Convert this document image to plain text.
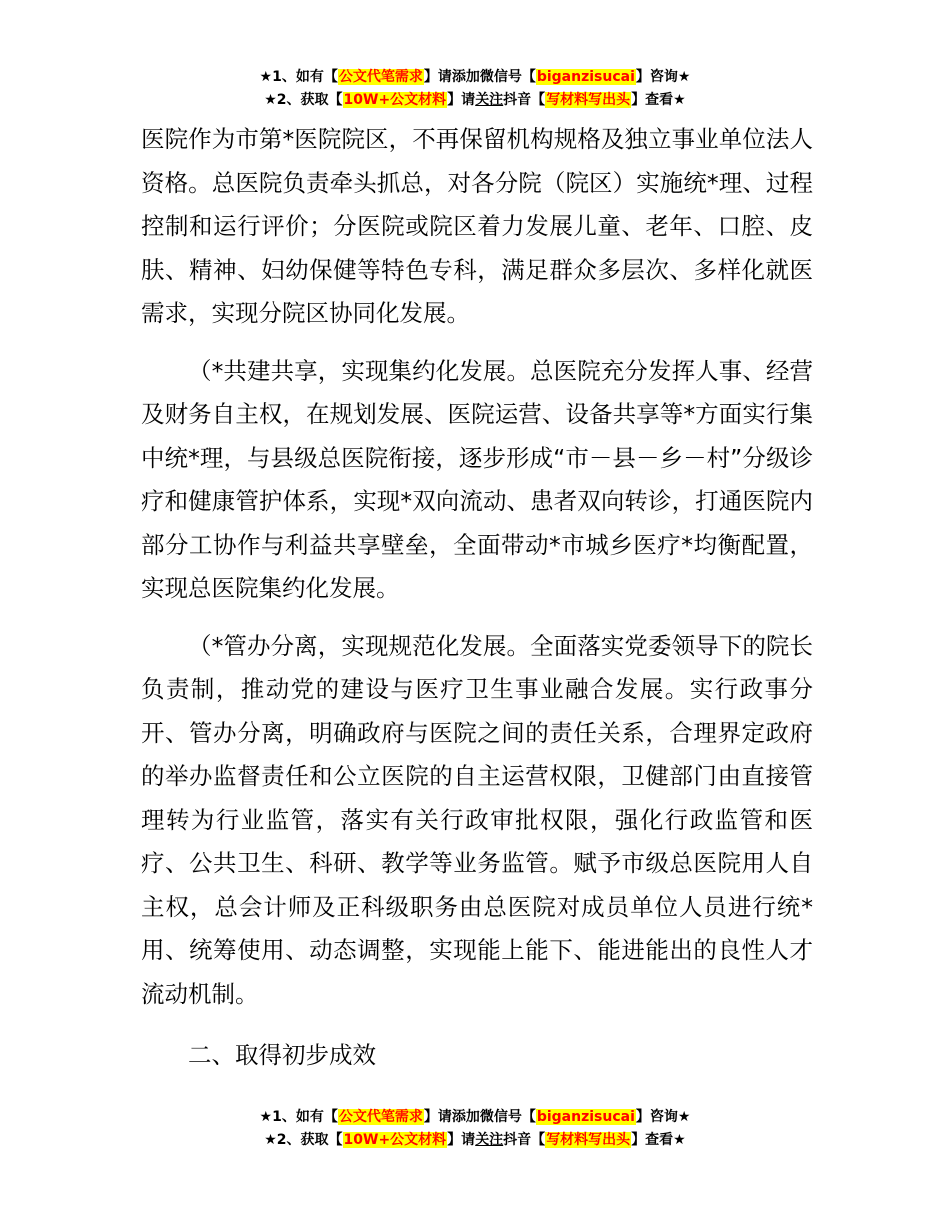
★1、如有【公文代笔需求】请添加微信号【biganzisucai】咨询★
★2、获取【10W+公文材料】请关注抖音【写材料写出头】查看★

医院作为市第*医院院区，不再保留机构规格及独立事业单位法人资格。总医院负责牵头抓总，对各分院（院区）实施统*理、过程控制和运行评价；分医院或院区着力发展儿童、老年、口腔、皮肤、精神、妇幼保健等特色专科，满足群众多层次、多样化就医需求，实现分院区协同化发展。

（*共建共享，实现集约化发展。总医院充分发挥人事、经营及财务自主权，在规划发展、医院运营、设备共享等*方面实行集中统*理，与县级总医院衔接，逐步形成“市－县－乡－村”分级诊疗和健康管护体系，实现*双向流动、患者双向转诊，打通医院内部分工协作与利益共享壁垒，全面带动*市城乡医疗*均衡配置，实现总医院集约化发展。

（*管办分离，实现规范化发展。全面落实党委领导下的院长负责制，推动党的建设与医疗卫生事业融合发展。实行政事分开、管办分离，明确政府与医院之间的责任关系，合理界定政府的举办监督责任和公立医院的自主运营权限，卫健部门由直接管理转为行业监管，落实有关行政审批权限，强化行政监管和医疗、公共卫生、科研、教学等业务监管。赋予市级总医院用人自主权，总会计师及正科级职务由总医院对成员单位人员进行统*用、统筹使用、动态调整，实现能上能下、能进能出的良性人才流动机制。

二、取得初步成效

★1、如有【公文代笔需求】请添加微信号【biganzisucai】咨询★
★2、获取【10W+公文材料】请关注抖音【写材料写出头】查看★
